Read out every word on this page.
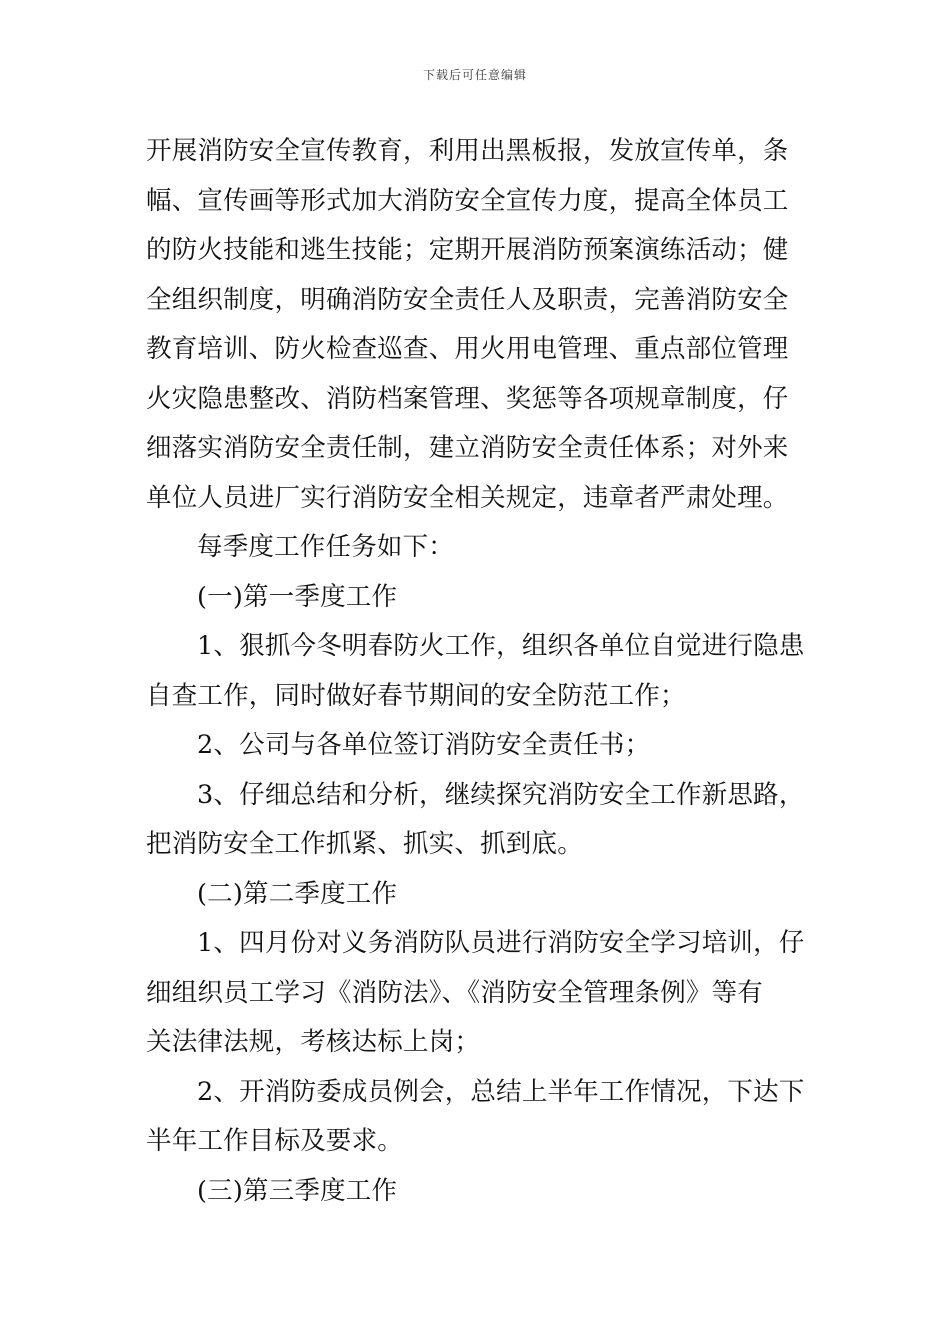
下载后可任意编辑
开展消防安全宣传教育，利用出黑板报，发放宣传单，条
幅、宣传画等形式加大消防安全宣传力度，提高全体员工
的防火技能和逃生技能；定期开展消防预案演练活动；健
全组织制度，明确消防安全责任人及职责，完善消防安全
教育培训、防火检查巡查、用火用电管理、重点部位管理
火灾隐患整改、消防档案管理、奖惩等各项规章制度，仔
细落实消防安全责任制，建立消防安全责任体系；对外来
单位人员进厂实行消防安全相关规定，违章者严肃处理。
每季度工作任务如下：
(一)第一季度工作
1、狠抓今冬明春防火工作，组织各单位自觉进行隐患
自查工作，同时做好春节期间的安全防范工作；
2、公司与各单位签订消防安全责任书；
3、仔细总结和分析，继续探究消防安全工作新思路，
把消防安全工作抓紧、抓实、抓到底。
(二)第二季度工作
1、四月份对义务消防队员进行消防安全学习培训，仔
细组织员工学习《消防法》、《消防安全管理条例》等有
关法律法规，考核达标上岗；
2、开消防委成员例会，总结上半年工作情况，下达下
半年工作目标及要求。
(三)第三季度工作
